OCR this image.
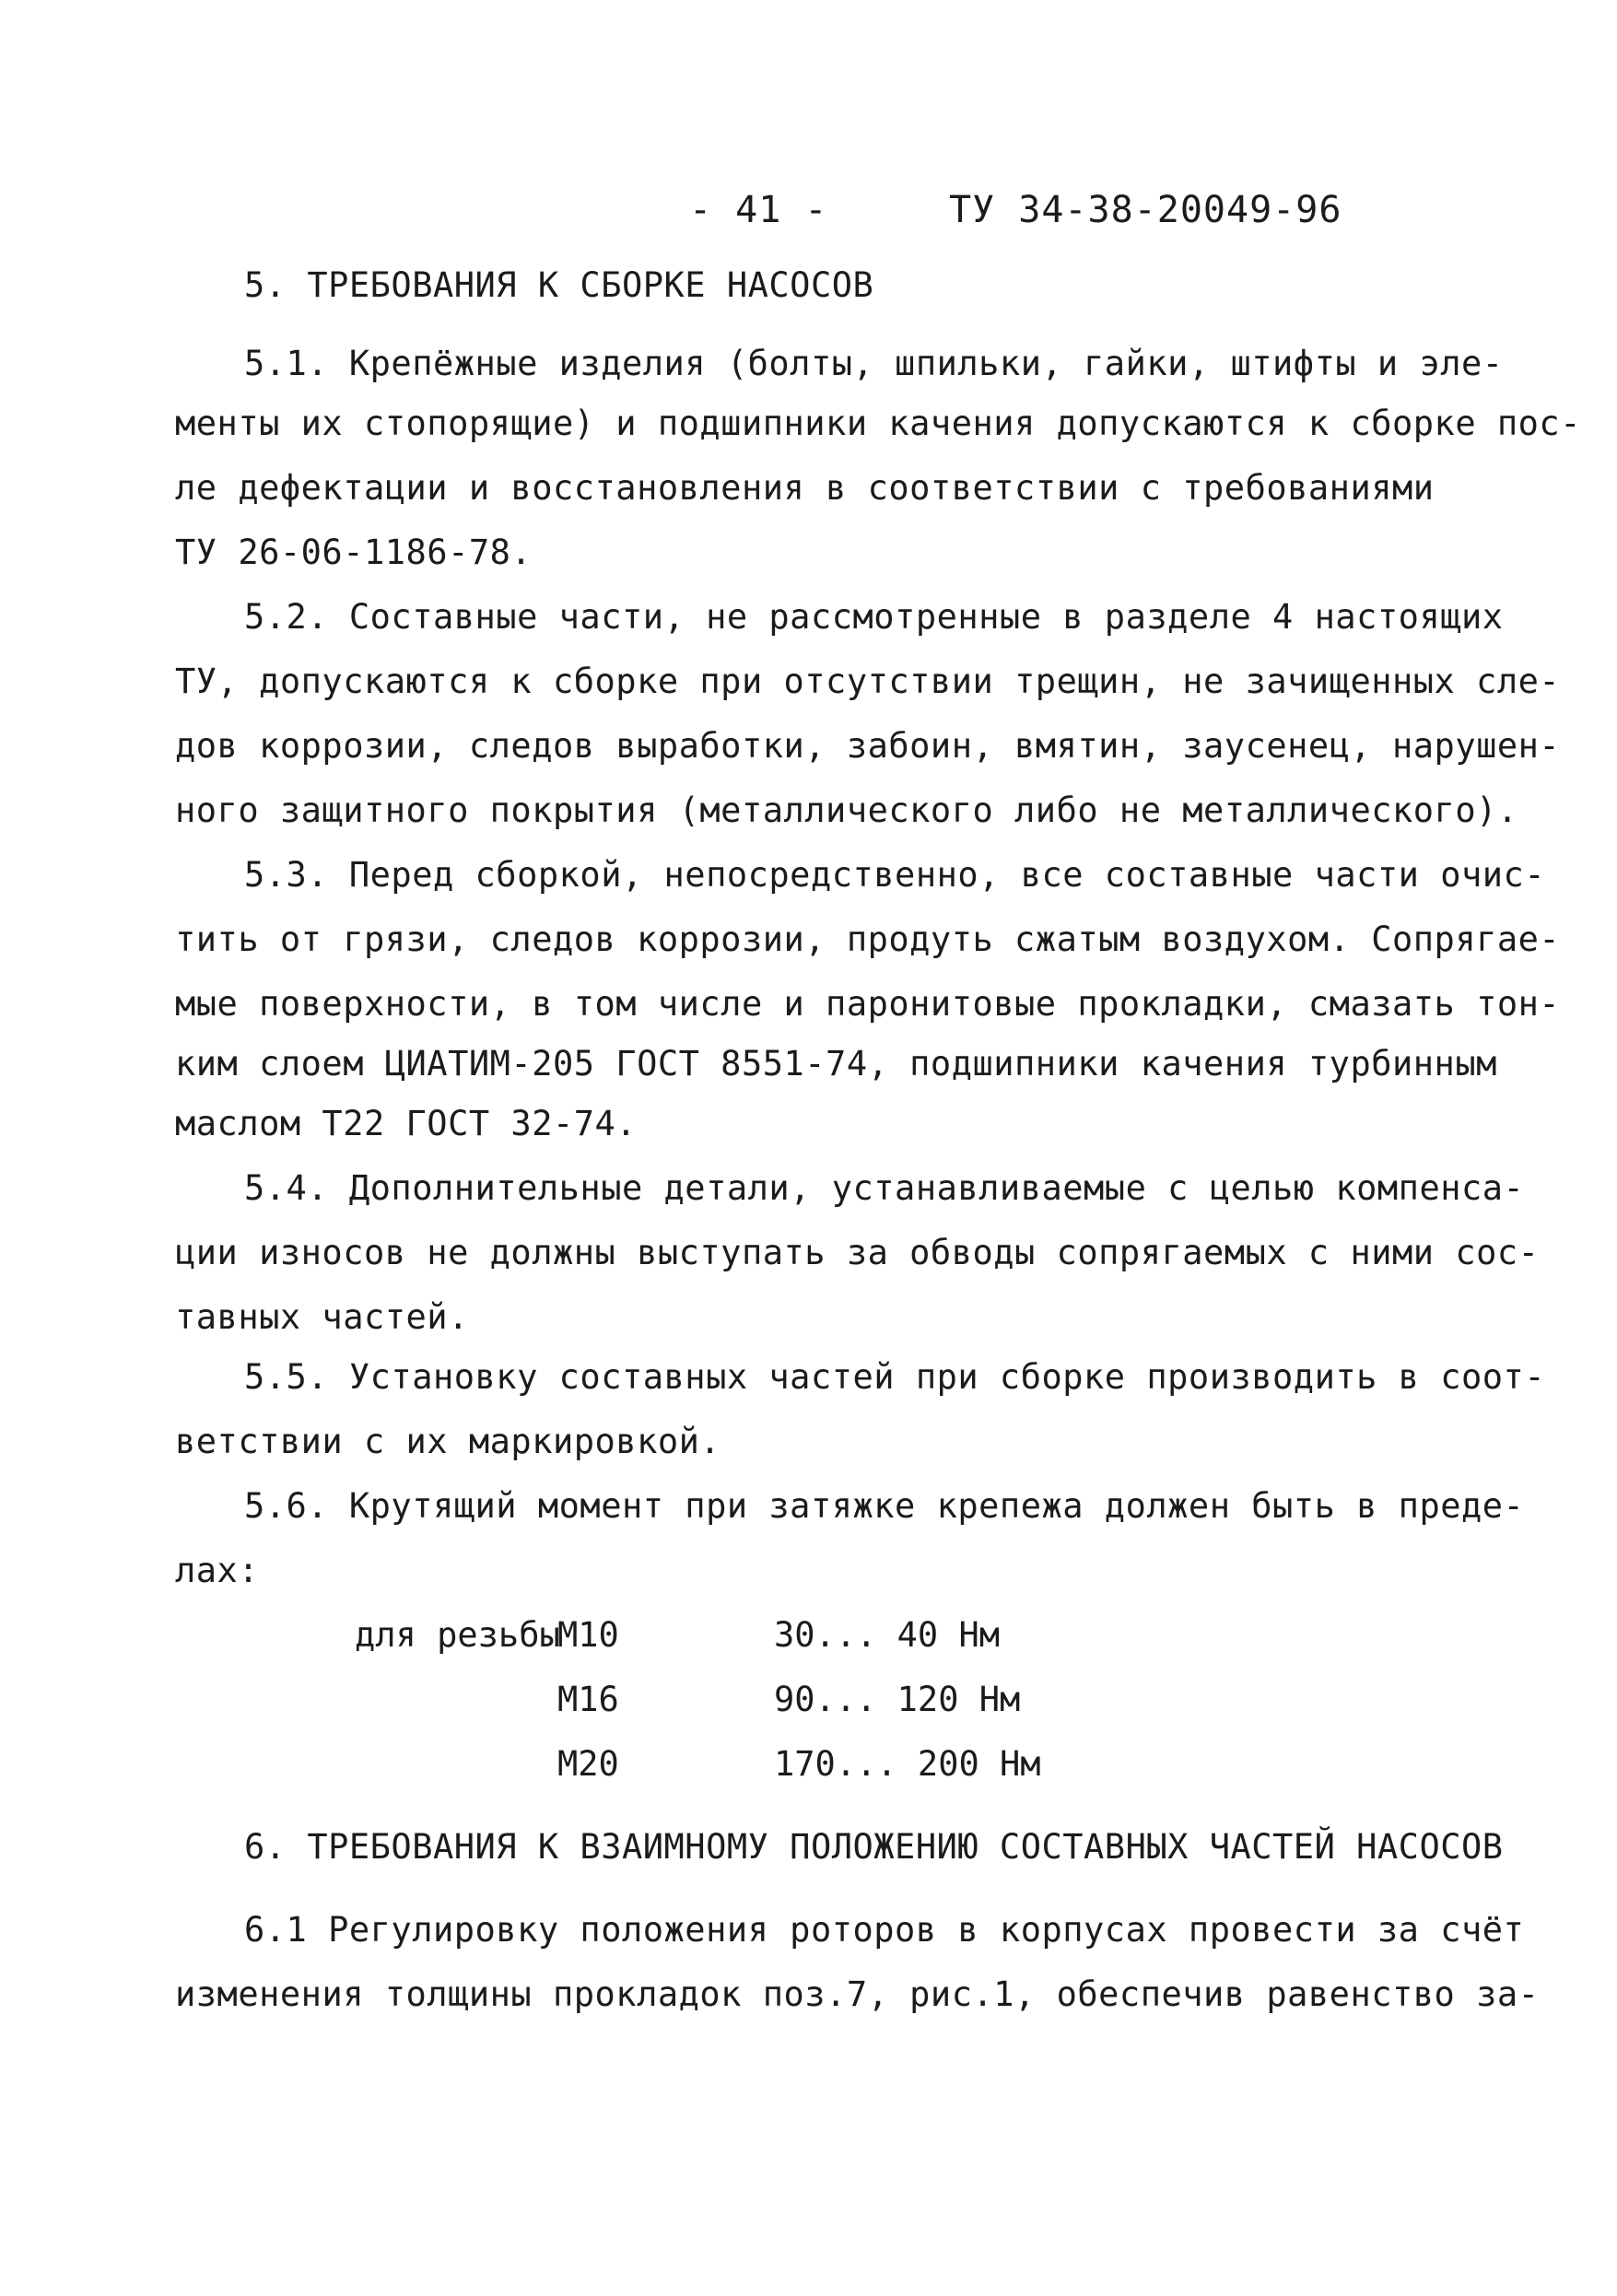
- 41 -	ТУ 34-38-20049-96
5. ТРЕБОВАНИЯ К СБОРКЕ НАСОСОВ
5.1. Крепёжные изделия (болты, шпильки, гайки, штифты и эле-
менты их стопорящие) и подшипники качения допускаются к сборке пос-
ле дефектации и восстановления в соответствии с требованиями
ТУ 26-06-1186-78.
5.2. Составные части, не рассмотренные в разделе 4 настоящих
ТУ, допускаются к сборке при отсутствии трещин, не зачищенных сле-
дов коррозии, следов выработки, забоин, вмятин, заусенец, нарушен-
ного защитного покрытия (металлического либо не металлического).
5.3. Перед сборкой, непосредственно, все составные части очис-
тить от грязи, следов коррозии, продуть сжатым воздухом. Сопрягае-
мые поверхности, в том числе и паронитовые прокладки, смазать тон-
ким слоем ЦИАТИМ-205 ГОСТ 8551-74, подшипники качения турбинным
маслом Т22 ГОСТ 32-74.
5.4. Дополнительные детали, устанавливаемые с целью компенса-
ции износов не должны выступать за обводы сопрягаемых с ними сос-
тавных частей.
5.5. Установку составных частей при сборке производить в соот-
ветствии с их маркировкой.
5.6. Крутящий момент при затяжке крепежа должен быть в преде-
лах:
для резьбы
М10	30... 40 Нм
М16	90... 120 Нм
М20	170... 200 Нм
6. ТРЕБОВАНИЯ К ВЗАИМНОМУ ПОЛОЖЕНИЮ СОСТАВНЫХ ЧАСТЕЙ НАСОСОВ
6.1 Регулировку положения роторов в корпусах провести за счёт
изменения толщины прокладок поз.7, рис.1, обеспечив равенство за-
